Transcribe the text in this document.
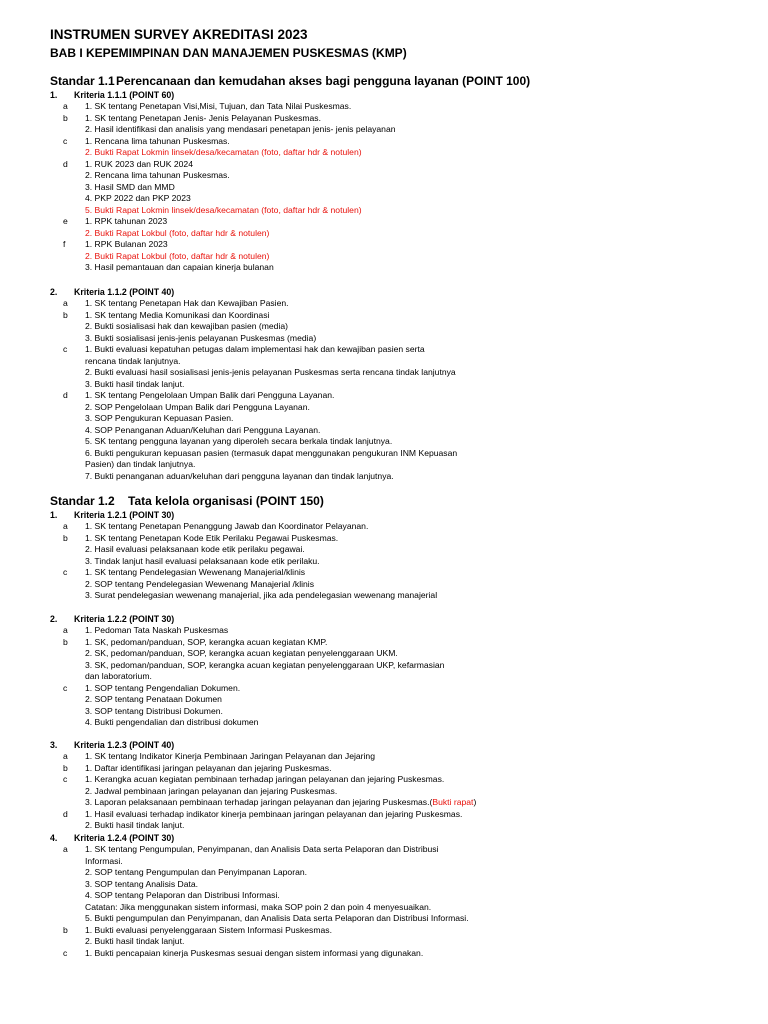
INSTRUMEN SURVEY AKREDITASI 2023
BAB I KEPEMIMPINAN DAN MANAJEMEN PUSKESMAS (KMP)
Standar 1.1Perencanaan dan kemudahan akses bagi pengguna layanan (POINT 100)
1. Kriteria 1.1.1 (POINT 60)
a	1. SK tentang Penetapan Visi,Misi, Tujuan, dan Tata Nilai Puskesmas.
b	1. SK tentang Penetapan Jenis- Jenis Pelayanan Puskesmas.
2. Hasil identifikasi dan analisis yang mendasari penetapan jenis- jenis pelayanan
c	1. Rencana lima tahunan Puskesmas.
2. Bukti Rapat Lokmin linsek/desa/kecamatan (foto, daftar hdr & notulen)
d	1. RUK 2023 dan RUK 2024
2. Rencana lima tahunan Puskesmas.
3. Hasil SMD dan MMD
4. PKP 2022 dan PKP 2023
5. Bukti Rapat Lokmin linsek/desa/kecamatan (foto, daftar hdr & notulen)
e	1. RPK tahunan 2023
2. Bukti Rapat Lokbul (foto, daftar hdr & notulen)
f	1. RPK Bulanan 2023
2. Bukti Rapat Lokbul (foto, daftar hdr & notulen)
3. Hasil pemantauan dan capaian kinerja bulanan
2. Kriteria 1.1.2 (POINT 40)
a	1. SK tentang Penetapan Hak dan Kewajiban Pasien.
b	1. SK tentang Media Komunikasi dan Koordinasi
2. Bukti sosialisasi hak dan kewajiban pasien (media)
3. Bukti sosialisasi jenis-jenis pelayanan Puskesmas (media)
c	1. Bukti evaluasi kepatuhan petugas dalam implementasi hak dan kewajiban pasien serta
rencana tindak lanjutnya.
2. Bukti evaluasi hasil sosialisasi jenis-jenis pelayanan Puskesmas serta rencana tindak lanjutnya
3. Bukti hasil tindak lanjut.
d	1. SK tentang Pengelolaan Umpan Balik dari Pengguna Layanan.
2. SOP Pengelolaan Umpan Balik dari Pengguna Layanan.
3. SOP Pengukuran Kepuasan Pasien.
4. SOP Penanganan Aduan/Keluhan dari Pengguna Layanan.
5. SK tentang pengguna layanan yang diperoleh secara berkala tindak lanjutnya.
6. Bukti pengukuran kepuasan pasien (termasuk dapat menggunakan pengukuran INM Kepuasan
Pasien) dan tindak lanjutnya.
7. Bukti penanganan aduan/keluhan dari pengguna layanan dan tindak lanjutnya.
Standar 1.2 Tata kelola organisasi (POINT 150)
1. Kriteria 1.2.1 (POINT 30)
a	1. SK tentang Penetapan Penanggung Jawab dan Koordinator Pelayanan.
b	1. SK tentang Penetapan Kode Etik Perilaku Pegawai Puskesmas.
2. Hasil evaluasi pelaksanaan kode etik perilaku pegawai.
3. Tindak lanjut hasil evaluasi pelaksanaan kode etik perilaku.
c	1. SK tentang Pendelegasian Wewenang Manajerial/klinis
2. SOP tentang Pendelegasian Wewenang Manajerial /klinis
3. Surat pendelegasian wewenang manajerial, jika ada pendelegasian wewenang manajerial
2. Kriteria 1.2.2 (POINT 30)
a	1. Pedoman Tata Naskah Puskesmas
b	1. SK, pedoman/panduan, SOP, kerangka acuan kegiatan KMP.
2. SK, pedoman/panduan, SOP, kerangka acuan kegiatan penyelenggaraan UKM.
3. SK, pedoman/panduan, SOP, kerangka acuan kegiatan penyelenggaraan UKP, kefarmasian
dan laboratorium.
c	1. SOP tentang Pengendalian Dokumen.
2. SOP tentang Penataan Dokumen
3. SOP tentang Distribusi Dokumen.
4. Bukti pengendalian dan distribusi dokumen
3. Kriteria 1.2.3 (POINT 40)
a	1. SK tentang Indikator Kinerja Pembinaan Jaringan Pelayanan dan Jejaring
b	1. Daftar identifikasi jaringan pelayanan dan jejaring Puskesmas.
c	1. Kerangka acuan kegiatan pembinaan terhadap jaringan pelayanan dan jejaring Puskesmas.
2. Jadwal pembinaan jaringan pelayanan dan jejaring Puskesmas.
3. Laporan pelaksanaan pembinaan terhadap jaringan pelayanan dan jejaring Puskesmas.(Bukti rapat)
d	1. Hasil evaluasi terhadap indikator kinerja pembinaan jaringan pelayanan dan jejaring Puskesmas.
2. Bukti hasil tindak lanjut.
4. Kriteria 1.2.4 (POINT 30)
a	1. SK tentang Pengumpulan, Penyimpanan, dan Analisis Data serta Pelaporan dan Distribusi
Informasi.
2. SOP tentang Pengumpulan dan Penyimpanan Laporan.
3. SOP tentang Analisis Data.
4. SOP tentang Pelaporan dan Distribusi Informasi.
Catatan: Jika menggunakan sistem informasi, maka SOP poin 2 dan poin 4 menyesuaikan.
5. Bukti pengumpulan dan Penyimpanan, dan Analisis Data serta Pelaporan dan Distribusi Informasi.
b	1. Bukti evaluasi penyelenggaraan Sistem Informasi Puskesmas.
2. Bukti hasil tindak lanjut.
c	1. Bukti pencapaian kinerja Puskesmas sesuai dengan sistem informasi yang digunakan.
